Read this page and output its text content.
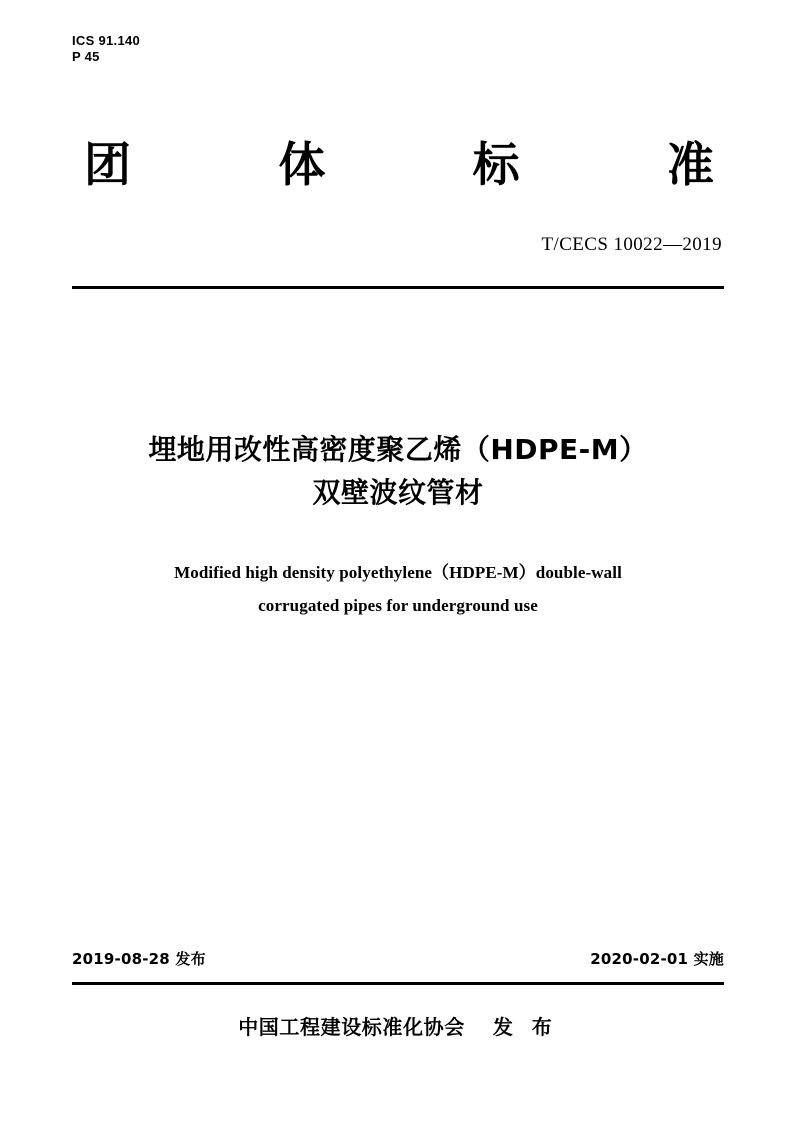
ICS 91.140
P 45
团	体	标	准
T/CECS 10022—2019
埋地用改性高密度聚乙烯（HDPE-M）
双壁波纹管材
Modified high density polyethylene（HDPE-M）double-wall
corrugated pipes for underground use
2019-08-28 发布	2020-02-01 实施
中国工程建设标准化协会 发 布
